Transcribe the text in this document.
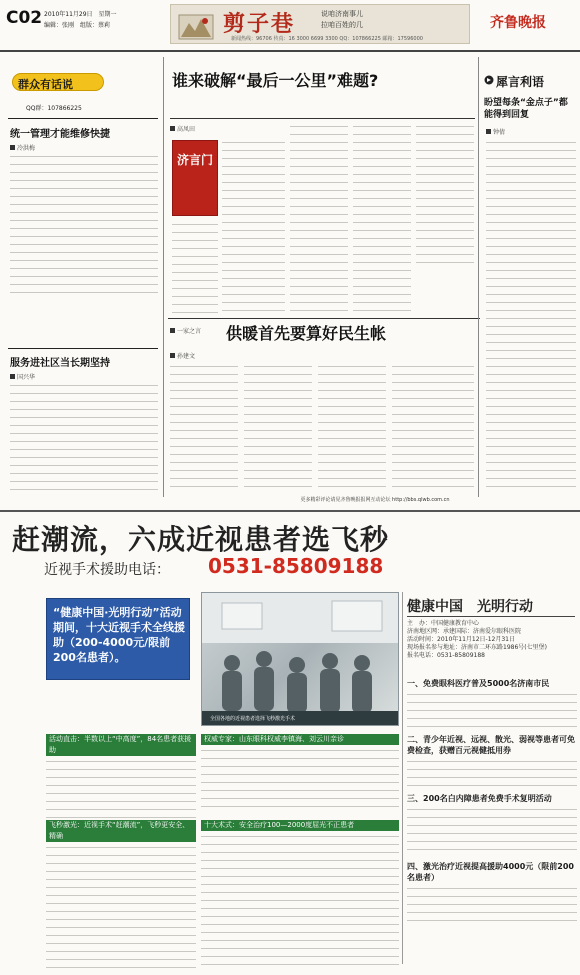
C02 2010年11月29日　星期一
编辑：张刚　组版：蔡莉	剪子巷	说咱济南事儿
拉咱百姓的几
新闻热线：96706 传真：16 3000 6699 3300 QQ：107866225 邮箱：17596000
齐鲁晚报
群众有话说
QQ群：107866225
统一管理才能维修快捷
冷洪梅
服务进社区当长期坚持
国兴华
谁来破解“最后一公里”难题?
高凤田
济言门
一家之言 供暖首先要算好民生帐
孙建文
犀言利语
盼望每条“金点子”都能得到回复
钟倩
更多精彩评论请见齐鲁晚报报网互动论坛 http://bbs.qlwb.com.cn
赶潮流，六成近视患者选飞秒
近视手术援助电话： 0531-85809188
“健康中国·光明行动”活动期间，十大近视手术全线援助（200-4000元/限前200名患者）。
全国各地的近视患者选择飞秒激光手术
健康中国　光明行动
主　办：中国健康教育中心
济南地区网：承建国际：济南爱尔眼科医院
活动时间：2010年11月12日-12月31日
现场报名参与地址：济南市二环东路1986号(七里堡)
报名电话：0531-85809188
活动直击：半数以上“中高度”，84名患者获援助
飞秒激光：近视手术“赶潮流”，飞秒更安全、精确
权威专家：山东眼科权威李镇海、刘云川亲诊
十大术式：安全治疗100—2000度屈光不正患者
一、免费眼科医疗普及5000名济南市民
二、青少年近视、远视、散光、弱视等患者可免费检查，获赠百元视健抵用券
三、200名白内障患者免费手术复明活动
四、激光治疗近视提高援助4000元（限前200名患者）
